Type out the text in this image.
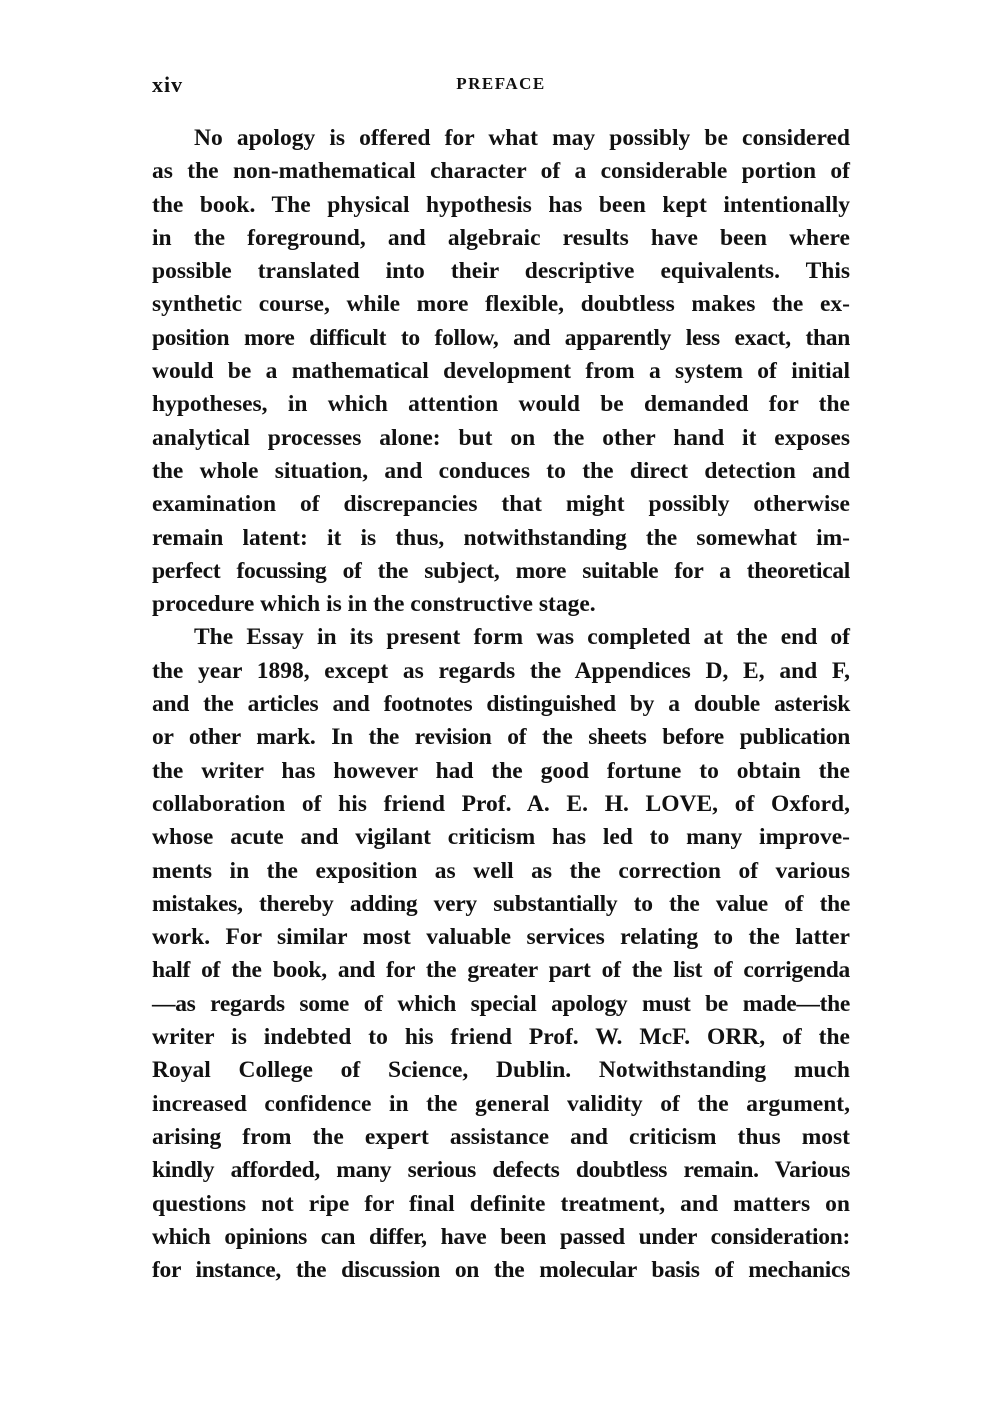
xiv	PREFACE
No apology is offered for what may possibly be considered
as the non-mathematical character of a considerable portion of
the book. The physical hypothesis has been kept intentionally
in the foreground, and algebraic results have been where
possible translated into their descriptive equivalents. This
synthetic course, while more flexible, doubtless makes the ex-
position more difficult to follow, and apparently less exact, than
would be a mathematical development from a system of initial
hypotheses, in which attention would be demanded for the
analytical processes alone: but on the other hand it exposes
the whole situation, and conduces to the direct detection and
examination of discrepancies that might possibly otherwise
remain latent: it is thus, notwithstanding the somewhat im-
perfect focussing of the subject, more suitable for a theoretical
procedure which is in the constructive stage.
The Essay in its present form was completed at the end of
the year 1898, except as regards the Appendices D, E, and F,
and the articles and footnotes distinguished by a double asterisk
or other mark. In the revision of the sheets before publication
the writer has however had the good fortune to obtain the
collaboration of his friend Prof. A. E. H. LOVE, of Oxford,
whose acute and vigilant criticism has led to many improve-
ments in the exposition as well as the correction of various
mistakes, thereby adding very substantially to the value of the
work. For similar most valuable services relating to the latter
half of the book, and for the greater part of the list of corrigenda
—as regards some of which special apology must be made—the
writer is indebted to his friend Prof. W. McF. ORR, of the
Royal College of Science, Dublin. Notwithstanding much
increased confidence in the general validity of the argument,
arising from the expert assistance and criticism thus most
kindly afforded, many serious defects doubtless remain. Various
questions not ripe for final definite treatment, and matters on
which opinions can differ, have been passed under consideration:
for instance, the discussion on the molecular basis of mechanics
